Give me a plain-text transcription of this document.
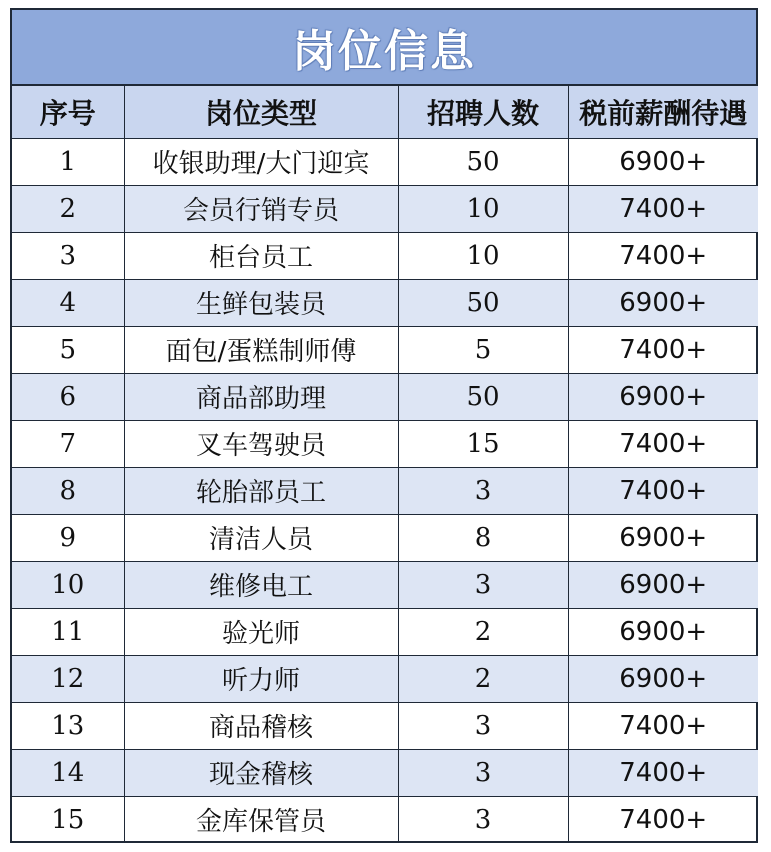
岗位信息
序号	岗位类型	招聘人数	税前薪酬待遇
1	收银助理/大门迎宾	50	6900+
2	会员行销专员	10	7400+
3	柜台员工	10	7400+
4	生鲜包装员	50	6900+
5	面包/蛋糕制师傅	5	7400+
6	商品部助理	50	6900+
7	叉车驾驶员	15	7400+
8	轮胎部员工	3	7400+
9	清洁人员	8	6900+
10	维修电工	3	6900+
11	验光师	2	6900+
12	听力师	2	6900+
13	商品稽核	3	7400+
14	现金稽核	3	7400+
15	金库保管员	3	7400+
